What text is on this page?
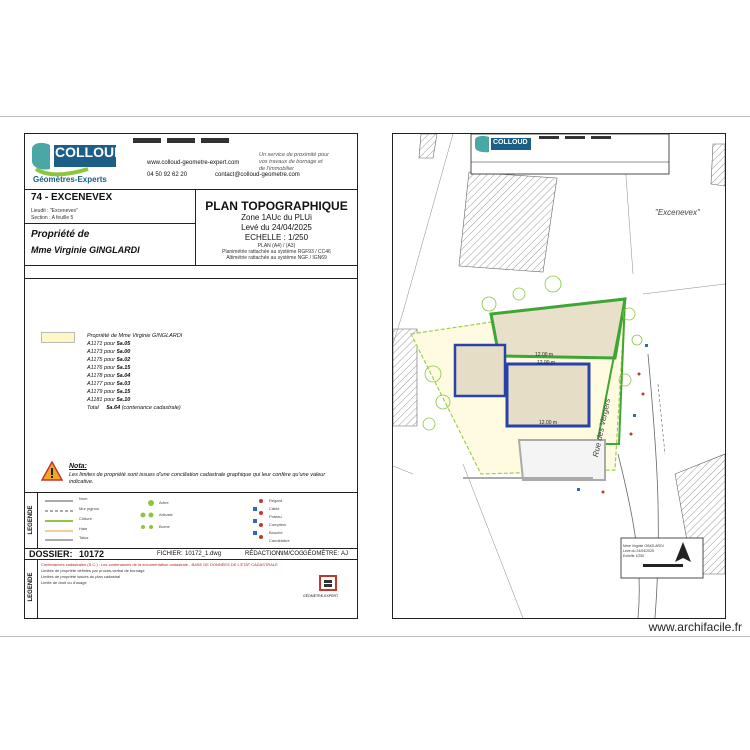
COLLOUD
Géomètres-Experts
www.colloud-geometre-expert.com
04 50 92 62 20	contact@colloud-geometre.com
Un service de proximité pour
vos travaux de bornage et
de l'immobilier
74 - EXCENEVEX
Lieudit : "Excenevex"
Section : A feuille 5
Propriété de
Mme Virginie GINGLARDI
PLAN TOPOGRAPHIQUE
Zone 1AUc du PLUi
Levé du 24/04/2025
ECHELLE : 1/250
PLAN (A4) / (A3)
Planimétrie rattachée au système RGF93 / CC46
Altimétrie rattachée au système NGF / IGN69
Propriété de Mme Virginie GINGLARDI
A1171 pour 5a.05
A1173 pour 5a.00
A1175 pour 5a.02
A1176 pour 5a.15
A1178 pour 5a.04
A1177 pour 5a.03
A1179 pour 5a.15
A1181 pour 5a.10
Total 5a.64 (contenance cadastrale)
Nota:
Les limites de propriété sont issues d'une conciliation cadastrale graphique qui leur confère qu'une valeur indicative.
LEGENDE
Nom
Mur pignon
Clôture
Haie
Talus
Arbre
Arbuste
Borne
Regard
Câble
Poteau
Compteur
Bouche
Candélabre
DOSSIER: 10172	FICHIER: 10172_1.dwg	RÉDACTION:
NM/COG GÉOMÈTRE: AJ
LEGENDE
Contenances cadastrales (S.C.) : Les contenances de la documentation cadastrale - BASE DE DONNÉES DE L'ETAT CADASTRALE
Limites de propriété définies par procès-verbal de bornage
Limites de propriété issues du plan cadastral
Limite de droit ou d'usage
GÉOMÈTRE-EXPERT
COLLOUD
"Excenevex"
Rue des Vergers
12.00 m
12.00 m
12.00 m
Mme Virginie GINGLARDI
Levé du 24/04/2025
Echelle 1/250
www.archifacile.fr
